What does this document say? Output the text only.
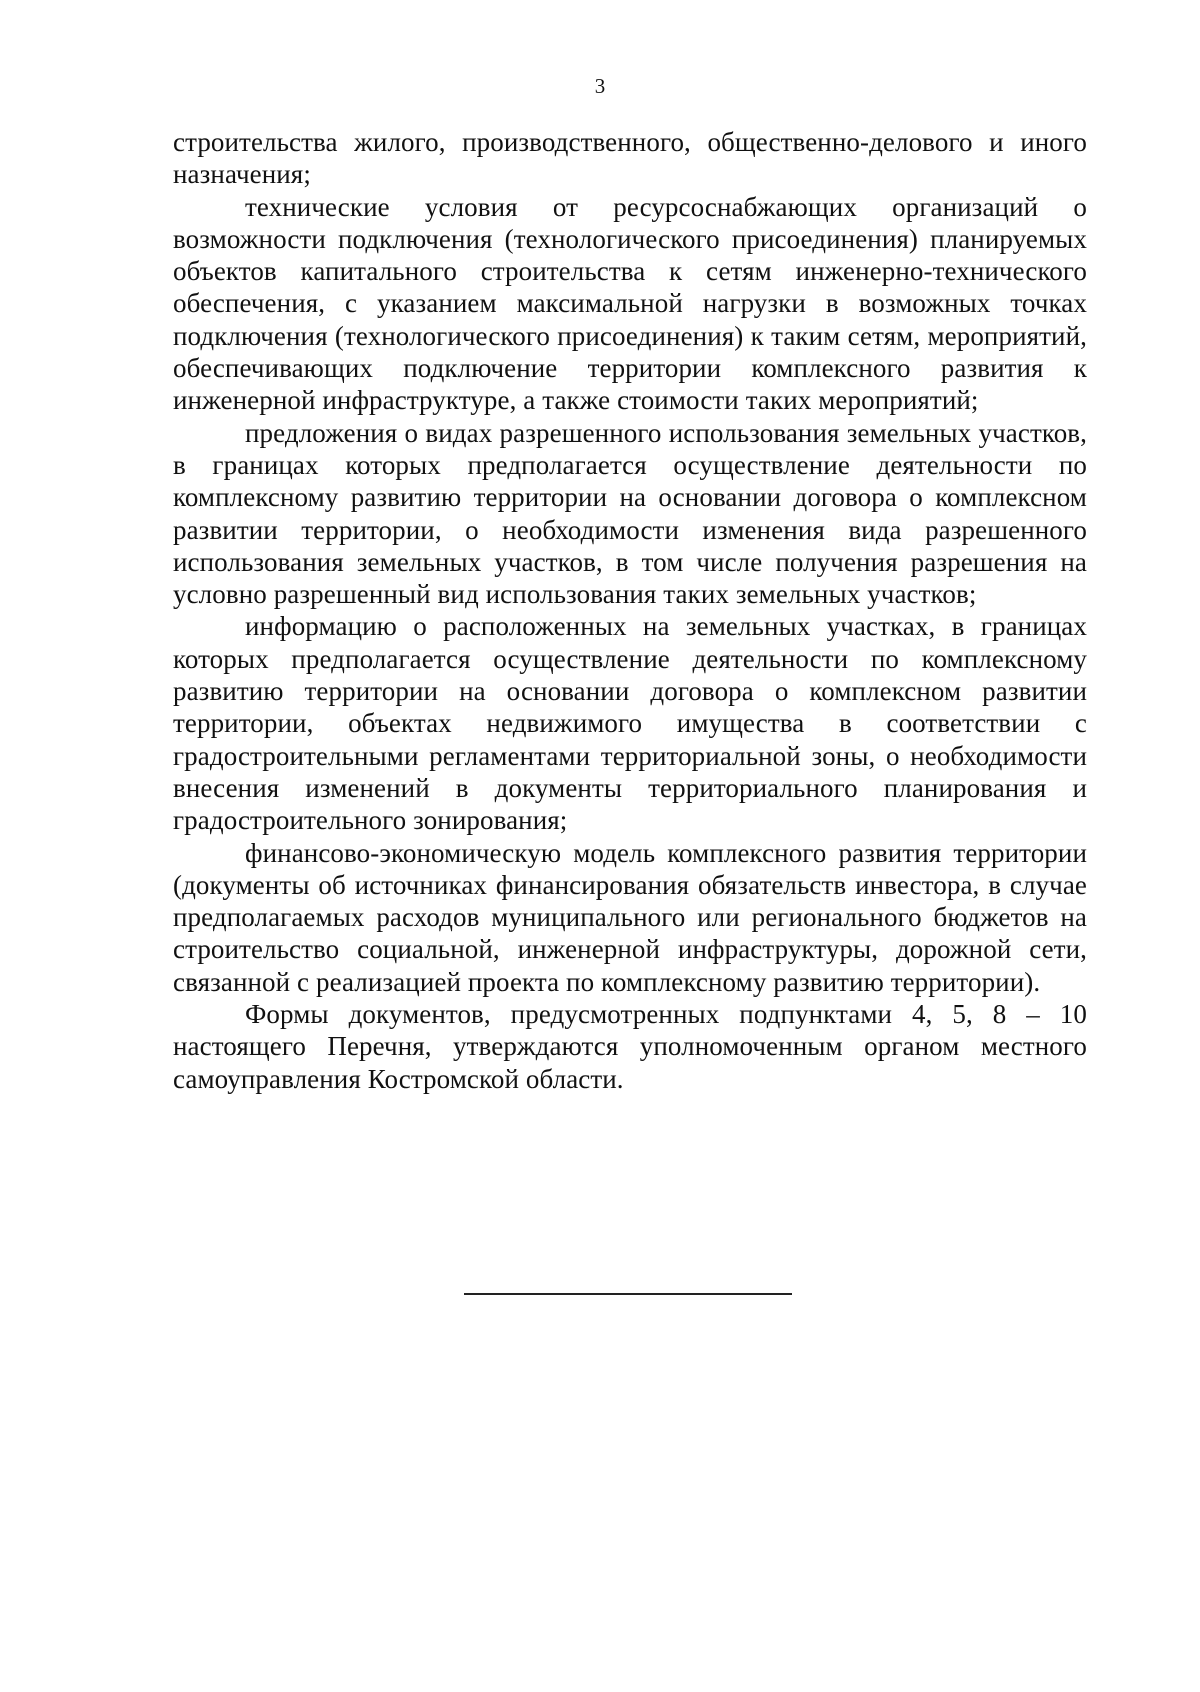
3

строительства жилого, производственного, общественно-делового и иного назначения;

технические условия от ресурсоснабжающих организаций о возможности подключения (технологического присоединения) планируемых объектов капитального строительства к сетям инженерно-технического обеспечения, с указанием максимальной нагрузки в возможных точках подключения (технологического присоединения) к таким сетям, мероприятий, обеспечивающих подключение территории комплексного развития к инженерной инфраструктуре, а также стоимости таких мероприятий;

предложения о видах разрешенного использования земельных участков, в границах которых предполагается осуществление деятельности по комплексному развитию территории на основании договора о комплексном развитии территории, о необходимости изменения вида разрешенного использования земельных участков, в том числе получения разрешения на условно разрешенный вид использования таких земельных участков;

информацию о расположенных на земельных участках, в границах которых предполагается осуществление деятельности по комплексному развитию территории на основании договора о комплексном развитии территории, объектах недвижимого имущества в соответствии с градостроительными регламентами территориальной зоны, о необходимости внесения изменений в документы территориального планирования и градостроительного зонирования;

финансово-экономическую модель комплексного развития территории (документы об источниках финансирования обязательств инвестора, в случае предполагаемых расходов муниципального или регионального бюджетов на строительство социальной, инженерной инфраструктуры, дорожной сети, связанной с реализацией проекта по комплексному развитию территории).

Формы документов, предусмотренных подпунктами 4, 5, 8 – 10 настоящего Перечня, утверждаются уполномоченным органом местного самоуправления Костромской области.
